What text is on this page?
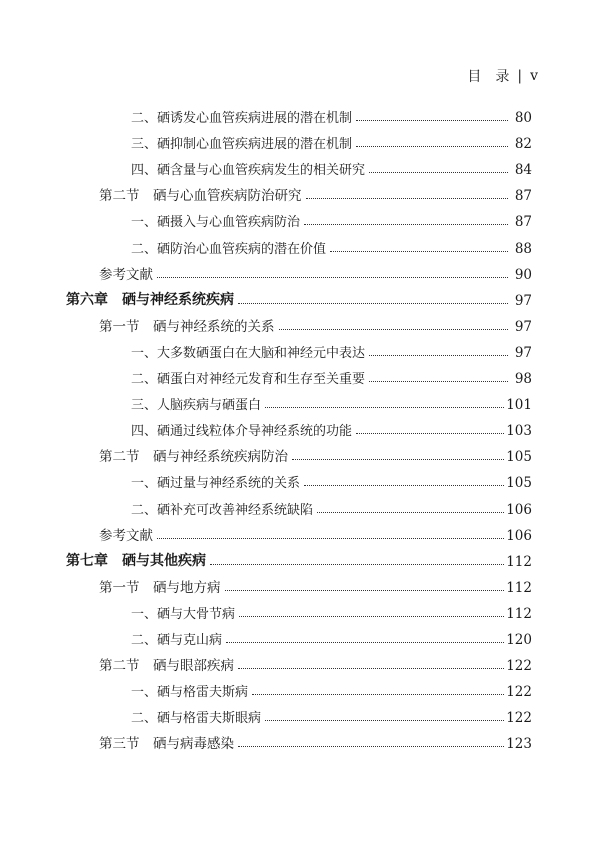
目　录 | v
二、硒诱发心血管疾病进展的潜在机制	80
三、硒抑制心血管疾病进展的潜在机制	82
四、硒含量与心血管疾病发生的相关研究	84
第二节　硒与心血管疾病防治研究	87
一、硒摄入与心血管疾病防治	87
二、硒防治心血管疾病的潜在价值	88
参考文献	90
第六章　硒与神经系统疾病	97
第一节　硒与神经系统的关系	97
一、大多数硒蛋白在大脑和神经元中表达	97
二、硒蛋白对神经元发育和生存至关重要	98
三、人脑疾病与硒蛋白	101
四、硒通过线粒体介导神经系统的功能	103
第二节　硒与神经系统疾病防治	105
一、硒过量与神经系统的关系	105
二、硒补充可改善神经系统缺陷	106
参考文献	106
第七章　硒与其他疾病	112
第一节　硒与地方病	112
一、硒与大骨节病	112
二、硒与克山病	120
第二节　硒与眼部疾病	122
一、硒与格雷夫斯病	122
二、硒与格雷夫斯眼病	122
第三节　硒与病毒感染	123
